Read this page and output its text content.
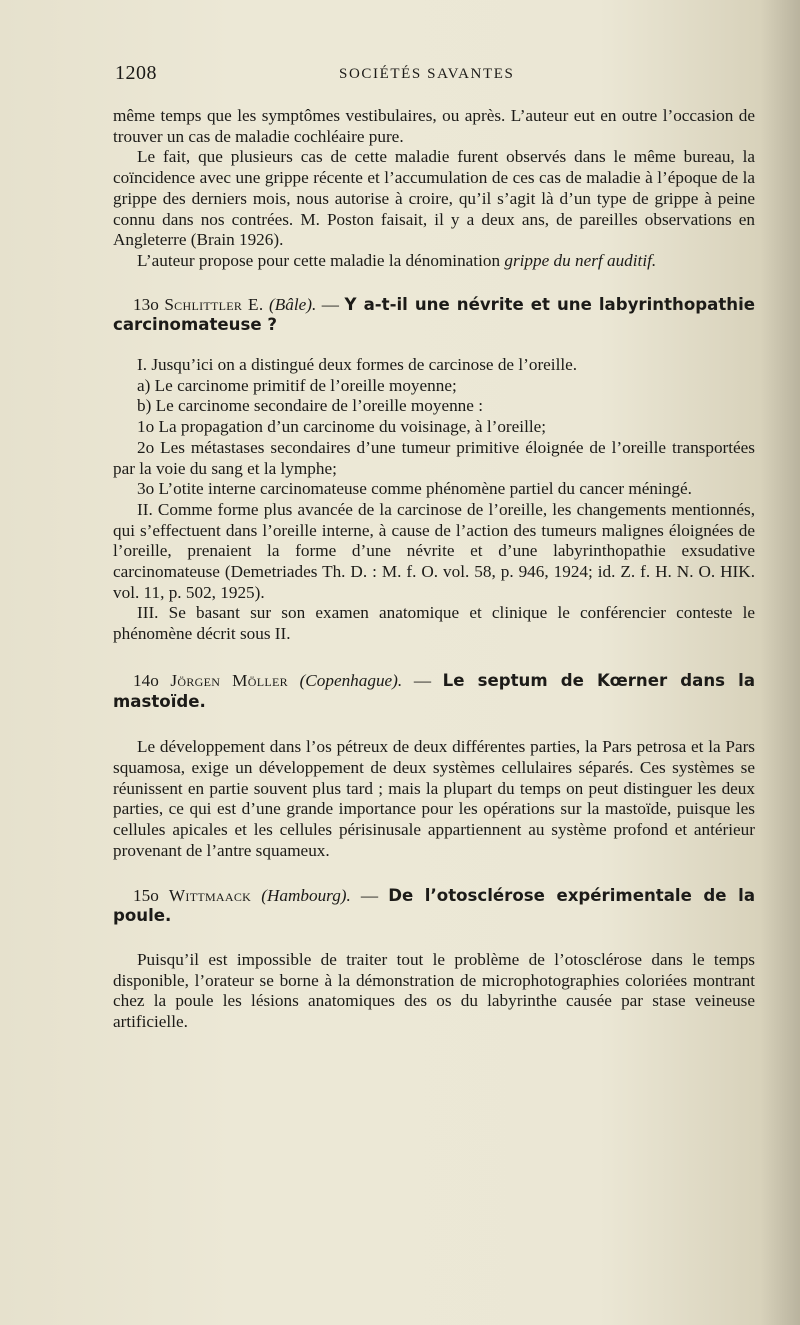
1208	SOCIÉTÉS SAVANTES

même temps que les symptômes vestibulaires, ou après. L’auteur eut en outre l’occasion de trouver un cas de maladie cochléaire pure.

Le fait, que plusieurs cas de cette maladie furent observés dans le même bureau, la coïncidence avec une grippe récente et l’accumulation de ces cas de maladie à l’époque de la grippe des derniers mois, nous autorise à croire, qu’il s’agit là d’un type de grippe à peine connu dans nos contrées. M. Poston faisait, il y a deux ans, de pareilles observations en Angleterre (Brain 1926).

L’auteur propose pour cette maladie la dénomination grippe du nerf auditif.

13o Schlittler E. (Bâle). — Y a-t-il une névrite et une labyrinthopathie carcinomateuse ?

I. Jusqu’ici on a distingué deux formes de carcinose de l’oreille.

a) Le carcinome primitif de l’oreille moyenne;

b) Le carcinome secondaire de l’oreille moyenne :

1o La propagation d’un carcinome du voisinage, à l’oreille;

2o Les métastases secondaires d’une tumeur primitive éloignée de l’oreille transportées par la voie du sang et la lymphe;

3o L’otite interne carcinomateuse comme phénomène partiel du cancer méningé.

II. Comme forme plus avancée de la carcinose de l’oreille, les changements mentionnés, qui s’effectuent dans l’oreille interne, à cause de l’action des tumeurs malignes éloignées de l’oreille, prenaient la forme d’une névrite et d’une labyrinthopathie exsudative carcinomateuse (Demetriades Th. D. : M. f. O. vol. 58, p. 946, 1924; id. Z. f. H. N. O. HIK. vol. 11, p. 502, 1925).

III. Se basant sur son examen anatomique et clinique le conférencier conteste le phénomène décrit sous II.

14o Jörgen Möller (Copenhague). — Le septum de Kœrner dans la mastoïde.

Le développement dans l’os pétreux de deux différentes parties, la Pars petrosa et la Pars squamosa, exige un développement de deux systèmes cellulaires séparés. Ces systèmes se réunissent en partie souvent plus tard ; mais la plupart du temps on peut distinguer les deux parties, ce qui est d’une grande importance pour les opérations sur la mastoïde, puisque les cellules apicales et les cellules périsinusale appartiennent au système profond et antérieur provenant de l’antre squameux.

15o Wittmaack (Hambourg). — De l’otosclérose expérimentale de la poule.

Puisqu’il est impossible de traiter tout le problème de l’otosclérose dans le temps disponible, l’orateur se borne à la démonstration de microphotographies coloriées montrant chez la poule les lésions anatomiques des os du labyrinthe causée par stase veineuse artificielle.
